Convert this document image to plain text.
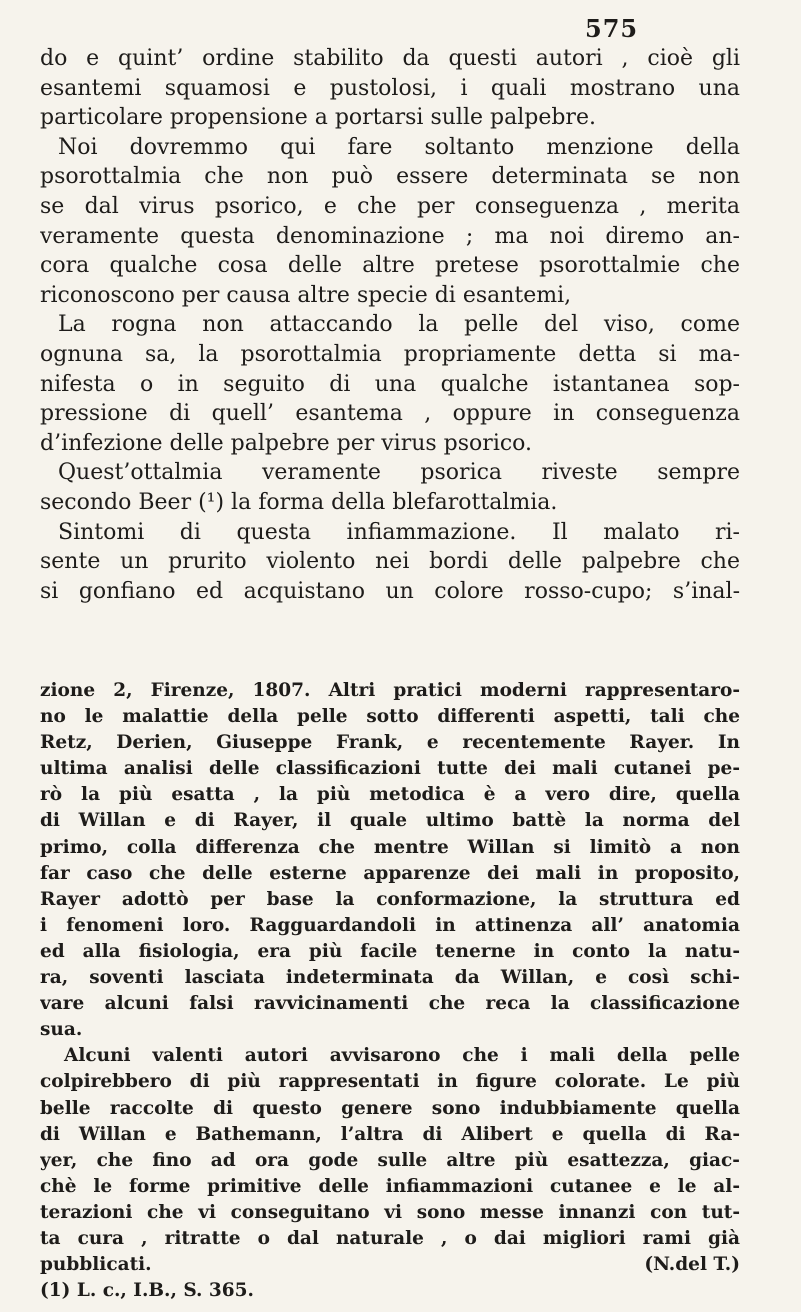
575
do e quint’ ordine stabilito da questi autori , cioè gli
esantemi squamosi e pustolosi, i quali mostrano una
particolare propensione a portarsi sulle palpebre.
Noi dovremmo qui fare soltanto menzione della
psorottalmia che non può essere determinata se non
se dal virus psorico, e che per conseguenza , merita
veramente questa denominazione ; ma noi diremo an-
cora qualche cosa delle altre pretese psorottalmie che
riconoscono per causa altre specie di esantemi,
La rogna non attaccando la pelle del viso, come
ognuna sa, la psorottalmia propriamente detta si ma-
nifesta o in seguito di una qualche istantanea sop-
pressione di quell’ esantema , oppure in conseguenza
d’infezione delle palpebre per virus psorico.
Quest’ottalmia veramente psorica riveste sempre
secondo Beer (¹) la forma della blefarottalmia.
Sintomi di questa infiammazione. Il malato ri-
sente un prurito violento nei bordi delle palpebre che
si gonfiano ed acquistano un colore rosso-cupo; s’inal-
zione 2, Firenze, 1807. Altri pratici moderni rappresentaro-
no le malattie della pelle sotto differenti aspetti, tali che
Retz, Derien, Giuseppe Frank, e recentemente Rayer. In
ultima analisi delle classificazioni tutte dei mali cutanei pe-
rò la più esatta , la più metodica è a vero dire, quella
di Willan e di Rayer, il quale ultimo battè la norma del
primo, colla differenza che mentre Willan si limitò a non
far caso che delle esterne apparenze dei mali in proposito,
Rayer adottò per base la conformazione, la struttura ed
i fenomeni loro. Ragguardandoli in attinenza all’ anatomia
ed alla fisiologia, era più facile tenerne in conto la natu-
ra, soventi lasciata indeterminata da Willan, e così schi-
vare alcuni falsi ravvicinamenti che reca la classificazione
sua.
Alcuni valenti autori avvisarono che i mali della pelle
colpirebbero di più rappresentati in figure colorate. Le più
belle raccolte di questo genere sono indubbiamente quella
di Willan e Bathemann, l’altra di Alibert e quella di Ra-
yer, che fino ad ora gode sulle altre più esattezza, giac-
chè le forme primitive delle infiammazioni cutanee e le al-
terazioni che vi conseguitano vi sono messe innanzi con tut-
ta cura , ritratte o dal naturale , o dai migliori rami già
pubblicati.	(N.del T.)
(1) L. c., I.B., S. 365.
